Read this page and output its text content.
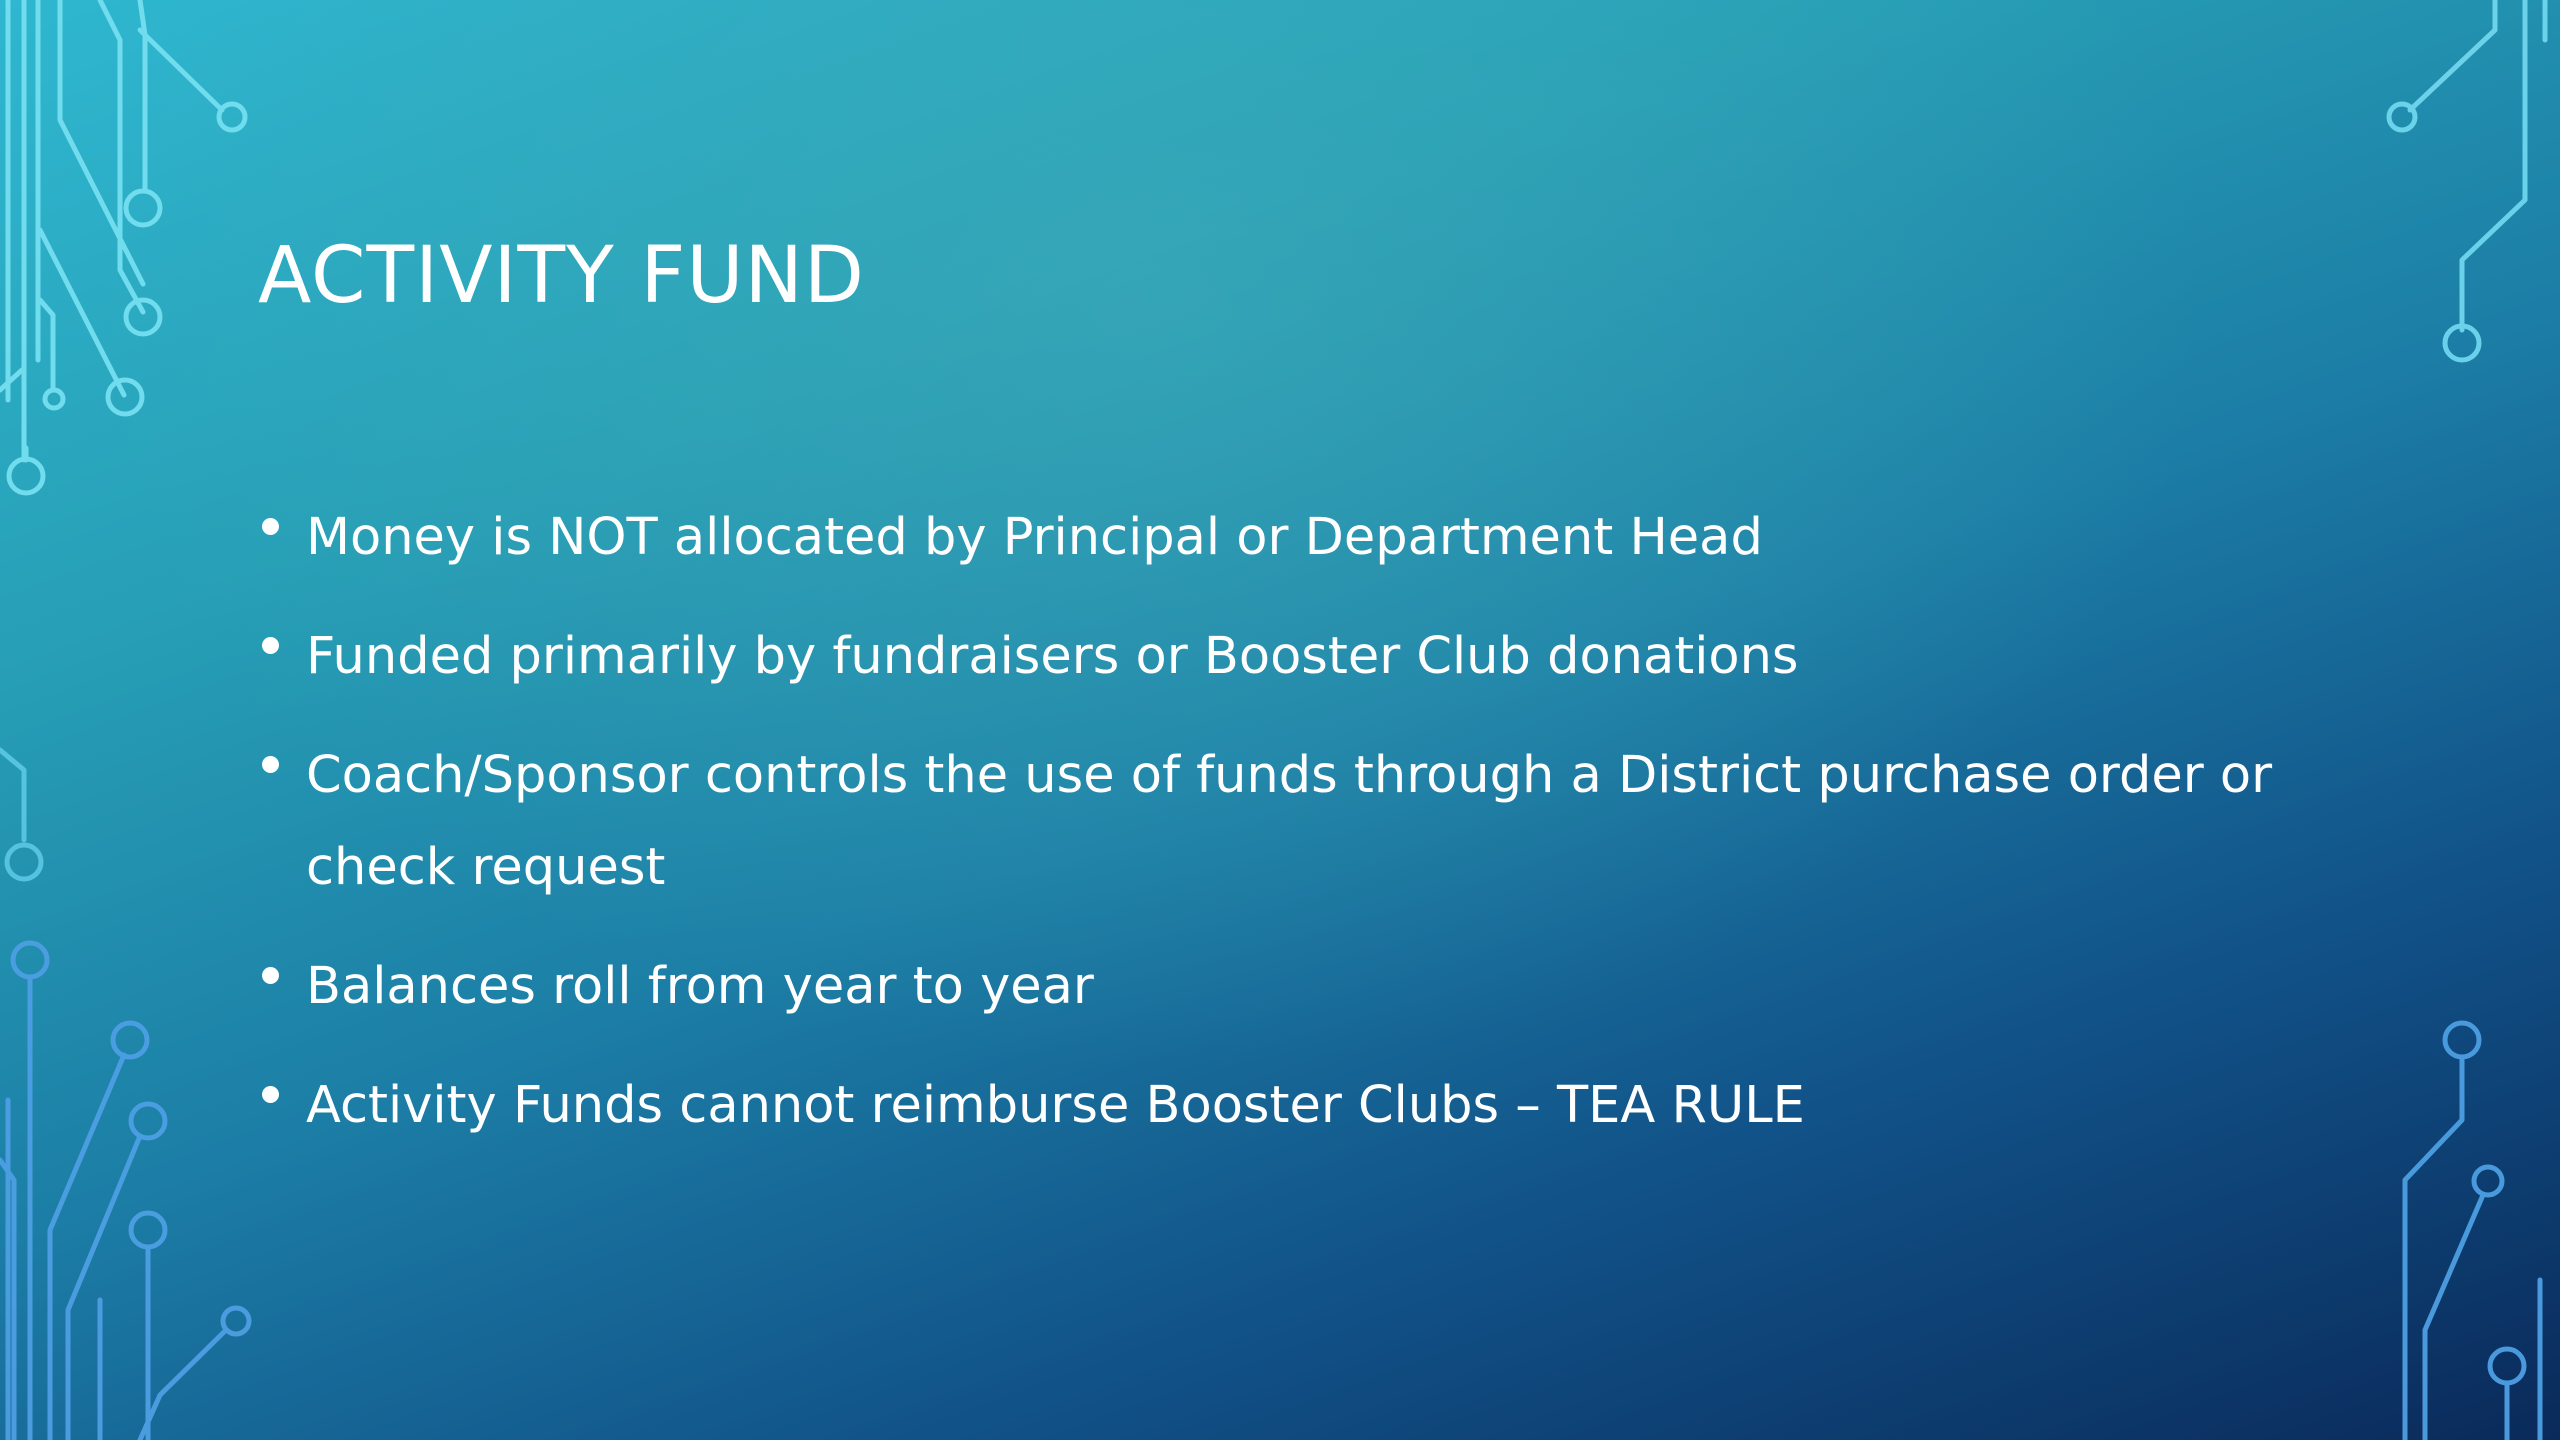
ACTIVITY FUND
Money is NOT allocated by Principal or Department Head
Funded primarily by fundraisers or Booster Club donations
Coach/Sponsor controls the use of funds through a District purchase order or check request
Balances roll from year to year
Activity Funds cannot reimburse Booster Clubs – TEA RULE
